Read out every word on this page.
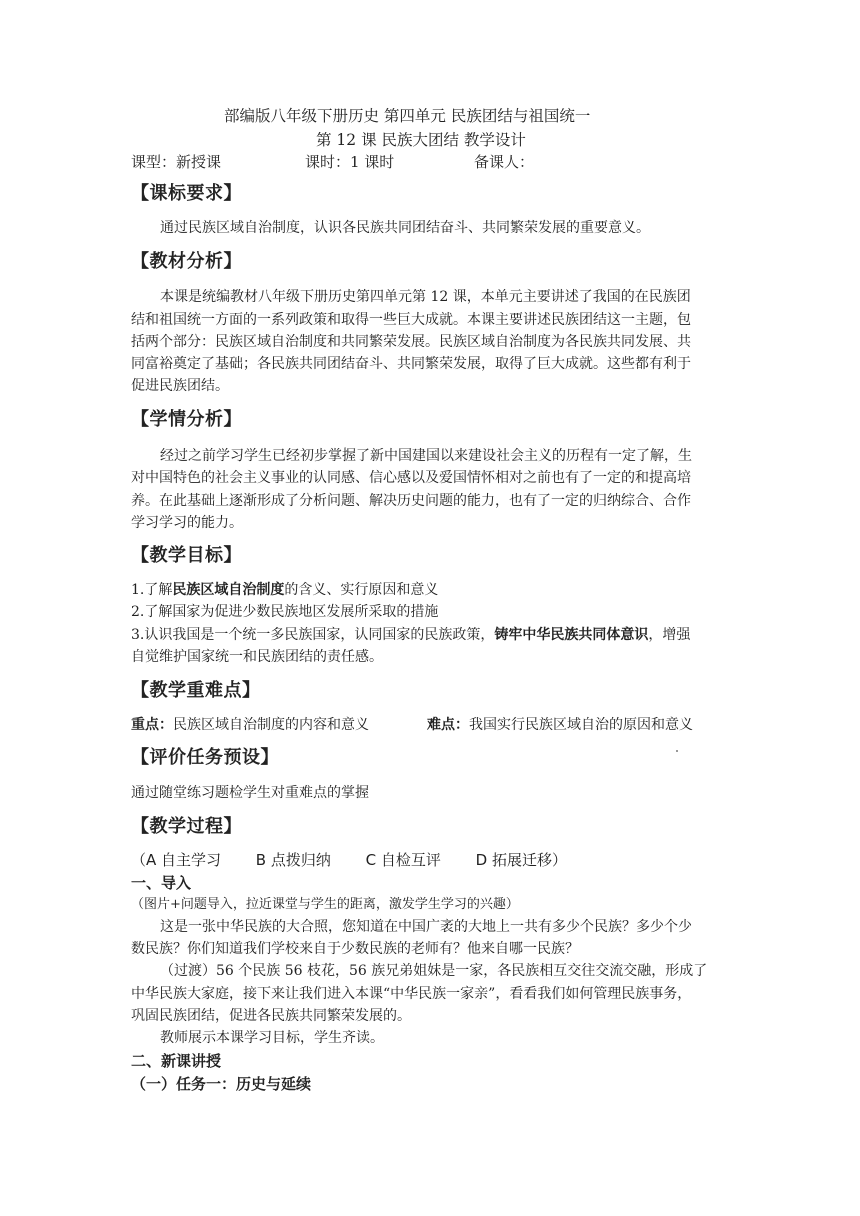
部编版八年级下册历史 第四单元 民族团结与祖国统一
第 12 课 民族大团结 教学设计
课型：新授课	课时：1 课时	备课人：
【课标要求】
通过民族区域自治制度，认识各民族共同团结奋斗、共同繁荣发展的重要意义。
【教材分析】
本课是统编教材八年级下册历史第四单元第 12 课，本单元主要讲述了我国的在民族团
结和祖国统一方面的一系列政策和取得一些巨大成就。本课主要讲述民族团结这一主题，包
括两个部分：民族区域自治制度和共同繁荣发展。民族区域自治制度为各民族共同发展、共
同富裕奠定了基础；各民族共同团结奋斗、共同繁荣发展，取得了巨大成就。这些都有利于
促进民族团结。
【学情分析】
经过之前学习学生已经初步掌握了新中国建国以来建设社会主义的历程有一定了解，生
对中国特色的社会主义事业的认同感、信心感以及爱国情怀相对之前也有了一定的和提高培
养。在此基础上逐渐形成了分析问题、解决历史问题的能力，也有了一定的归纳综合、合作
学习学习的能力。
【教学目标】
1.了解民族区域自治制度的含义、实行原因和意义
2.了解国家为促进少数民族地区发展所采取的措施
3.认识我国是一个统一多民族国家，认同国家的民族政策，铸牢中华民族共同体意识，增强
自觉维护国家统一和民族团结的责任感。
【教学重难点】
重点：民族区域自治制度的内容和意义	难点：我国实行民族区域自治的原因和意义
【评价任务预设】
通过随堂练习题检学生对重难点的掌握
【教学过程】
（A 自主学习 　　B 点拨归纳 　　C 自检互评 　　D 拓展迁移）
一、导入
（图片+问题导入，拉近课堂与学生的距离，激发学生学习的兴趣）
这是一张中华民族的大合照，您知道在中国广袤的大地上一共有多少个民族？多少个少
数民族？你们知道我们学校来自于少数民族的老师有？他来自哪一民族？
（过渡）56 个民族 56 枝花，56 族兄弟姐妹是一家，各民族相互交往交流交融，形成了
中华民族大家庭，接下来让我们进入本课“中华民族一家亲”，看看我们如何管理民族事务，
巩固民族团结，促进各民族共同繁荣发展的。
教师展示本课学习目标，学生齐读。
二、新课讲授
（一）任务一：历史与延续
